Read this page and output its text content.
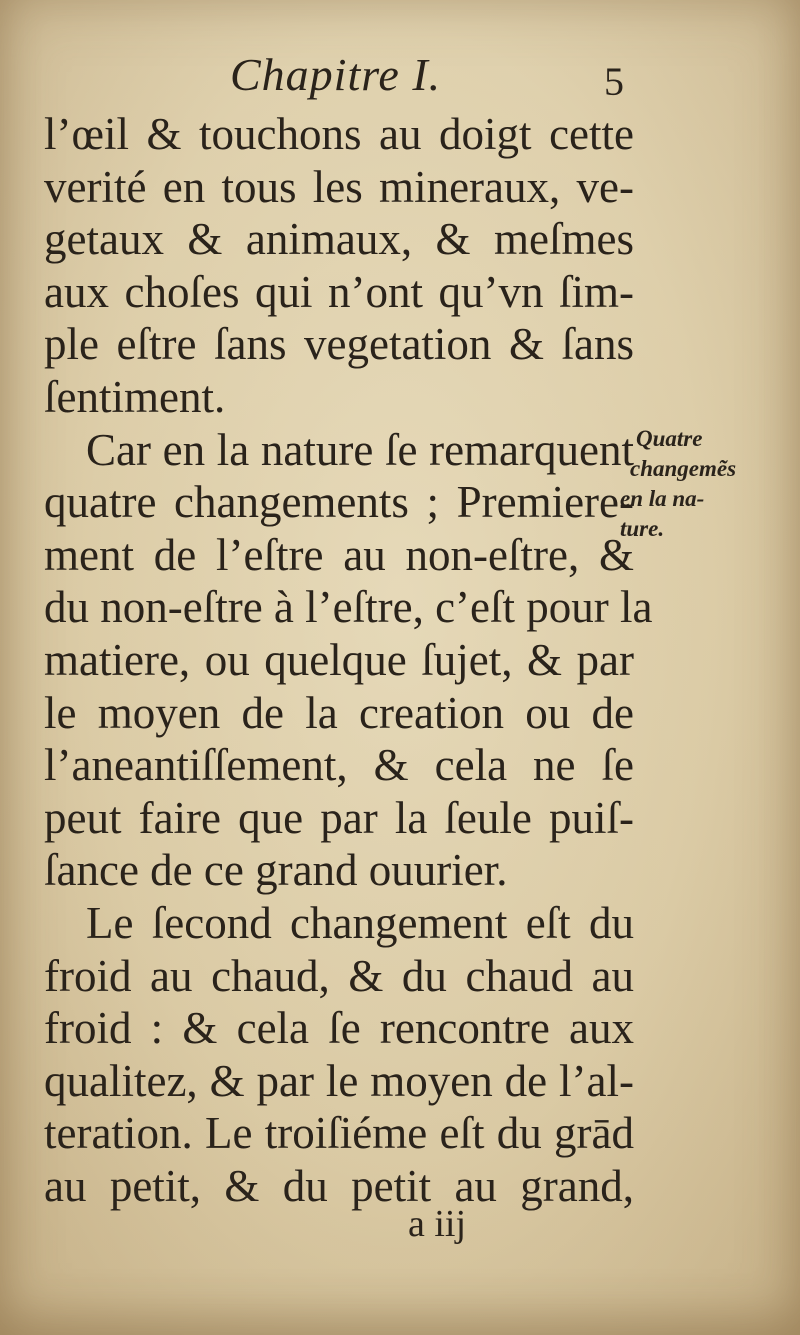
Chapitre I.	5
l’œil & touchons au doigt cette
verité en tous les mineraux, ve-
getaux & animaux, & meſmes
aux choſes qui n’ont qu’vn ſim-
ple eſtre ſans vegetation & ſans
ſentiment.
Car en la nature ſe remarquent
quatre changements ; Premiere-
ment de l’eſtre au non-eſtre, &
du non-eſtre à l’eſtre, c’eſt pour la
matiere, ou quelque ſujet, & par
le moyen de la creation ou de
l’aneantiſſement, & cela ne ſe
peut faire que par la ſeule puiſ-
ſance de ce grand ouurier.
Le ſecond changement eſt du
froid au chaud, & du chaud au
froid : & cela ſe rencontre aux
qualitez, & par le moyen de l’al-
teration. Le troiſiéme eſt du grād
au petit, & du petit au grand,
Quatre
changemẽs
en la na-
ture.
a iij
